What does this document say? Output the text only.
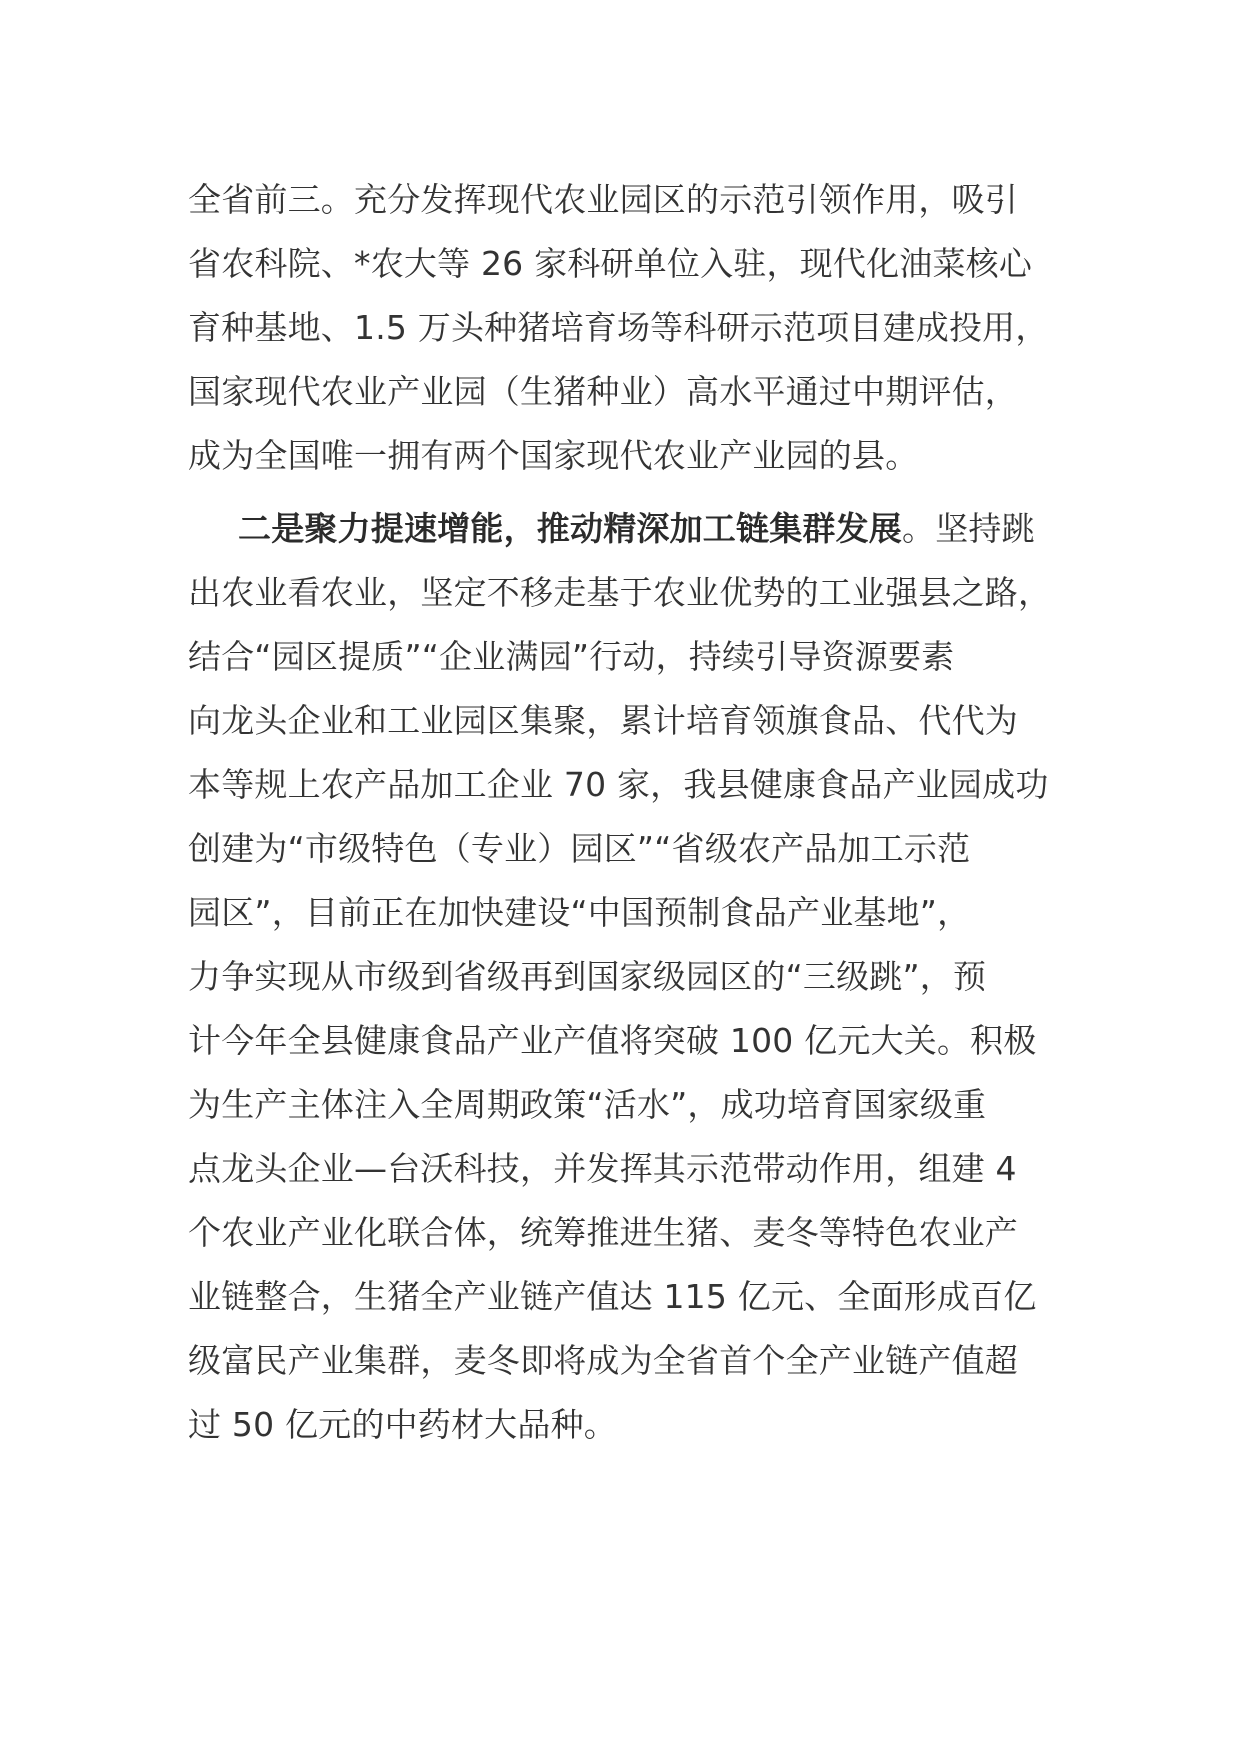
全省前三。充分发挥现代农业园区的示范引领作用，吸引
省农科院、*农大等 26 家科研单位入驻，现代化油菜核心
育种基地、1.5 万头种猪培育场等科研示范项目建成投用，
国家现代农业产业园（生猪种业）高水平通过中期评估，
成为全国唯一拥有两个国家现代农业产业园的县。
二是聚力提速增能，推动精深加工链集群发展。坚持跳
出农业看农业，坚定不移走基于农业优势的工业强县之路，
结合“园区提质”“企业满园”行动，持续引导资源要素
向龙头企业和工业园区集聚，累计培育领旗食品、代代为
本等规上农产品加工企业 70 家，我县健康食品产业园成功
创建为“市级特色（专业）园区”“省级农产品加工示范
园区”，目前正在加快建设“中国预制食品产业基地”，
力争实现从市级到省级再到国家级园区的“三级跳”，预
计今年全县健康食品产业产值将突破 100 亿元大关。积极
为生产主体注入全周期政策“活水”，成功培育国家级重
点龙头企业—台沃科技，并发挥其示范带动作用，组建 4
个农业产业化联合体，统筹推进生猪、麦冬等特色农业产
业链整合，生猪全产业链产值达 115 亿元、全面形成百亿
级富民产业集群，麦冬即将成为全省首个全产业链产值超
过 50 亿元的中药材大品种。
